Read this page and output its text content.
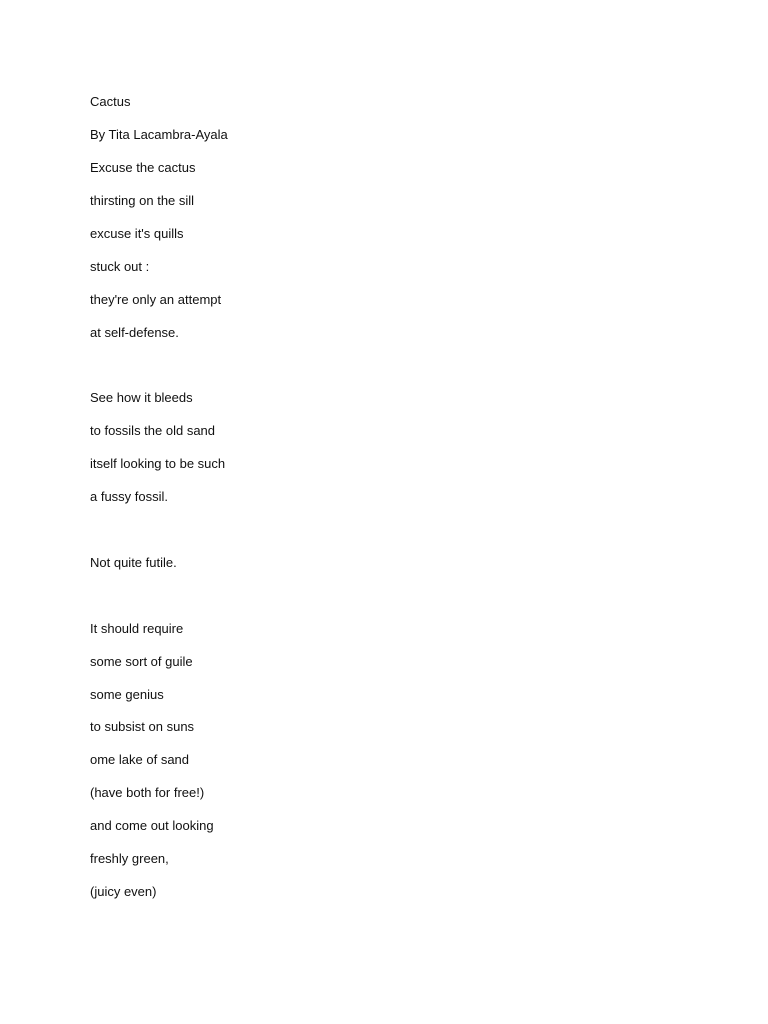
Cactus
By Tita Lacambra-Ayala
Excuse the cactus
thirsting on the sill
excuse it's quills
stuck out :
they're only an attempt
at self-defense.
See how it bleeds
to fossils the old sand
itself looking to be such
a fussy fossil.
Not quite futile.
It should require
some sort of guile
some genius
to subsist on suns
ome lake of sand
(have both for free!)
and come out looking
freshly green,
(juicy even)
